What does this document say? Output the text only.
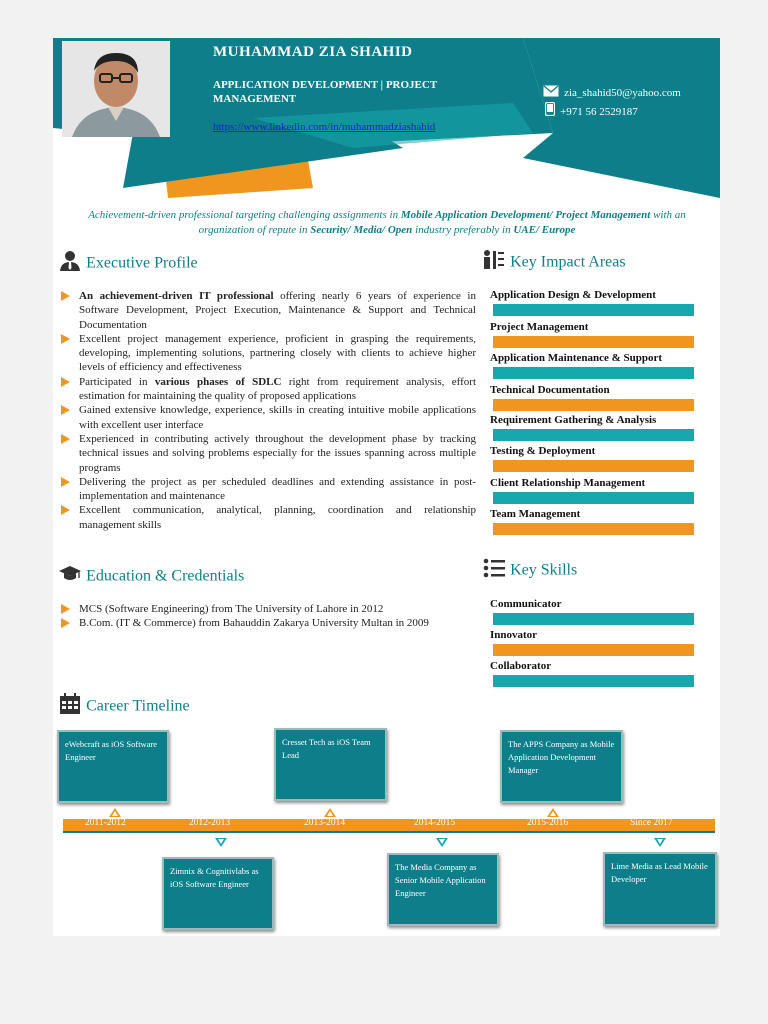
MUHAMMAD ZIA SHAHID
APPLICATION DEVELOPMENT | PROJECT MANAGEMENT
https://www.linkedin.com/in/muhammadziashahid
zia_shahid50@yahoo.com
+971 56 2529187
Achievement-driven professional targeting challenging assignments in Mobile Application Development/ Project Management with an organization of repute in Security/ Media/ Open industry preferably in UAE/ Europe
Executive Profile
An achievement-driven IT professional offering nearly 6 years of experience in Software Development, Project Execution, Maintenance & Support and Technical Documentation
Excellent project management experience, proficient in grasping the requirements, developing, implementing solutions, partnering closely with clients to achieve higher levels of efficiency and effectiveness
Participated in various phases of SDLC right from requirement analysis, effort estimation for maintaining the quality of proposed applications
Gained extensive knowledge, experience, skills in creating intuitive mobile applications with excellent user interface
Experienced in contributing actively throughout the development phase by tracking technical issues and solving problems especially for the issues spanning across multiple programs
Delivering the project as per scheduled deadlines and extending assistance in post-implementation and maintenance
Excellent communication, analytical, planning, coordination and relationship management skills
Education & Credentials
MCS (Software Engineering) from The University of Lahore in 2012
B.Com. (IT & Commerce) from Bahauddin Zakarya University Multan in 2009
Key Impact Areas
Application Design & Development
Project Management
Application Maintenance & Support
Technical Documentation
Requirement Gathering & Analysis
Testing & Deployment
Client Relationship Management
Team Management
Key Skills
Communicator
Innovator
Collaborator
Career Timeline
eWebcraft as iOS Software Engineer
Cresset Tech as iOS Team Lead
The APPS Company as Mobile Application Development Manager
2011-2012	2012-2013	2013-2014	2014-2015	2015-2016	Since 2017
Zimnix & Cognitivlabs as iOS Software Engineer
The Media Company as Senior Mobile Application Engineer
Lime Media as Lead Mobile Developer
